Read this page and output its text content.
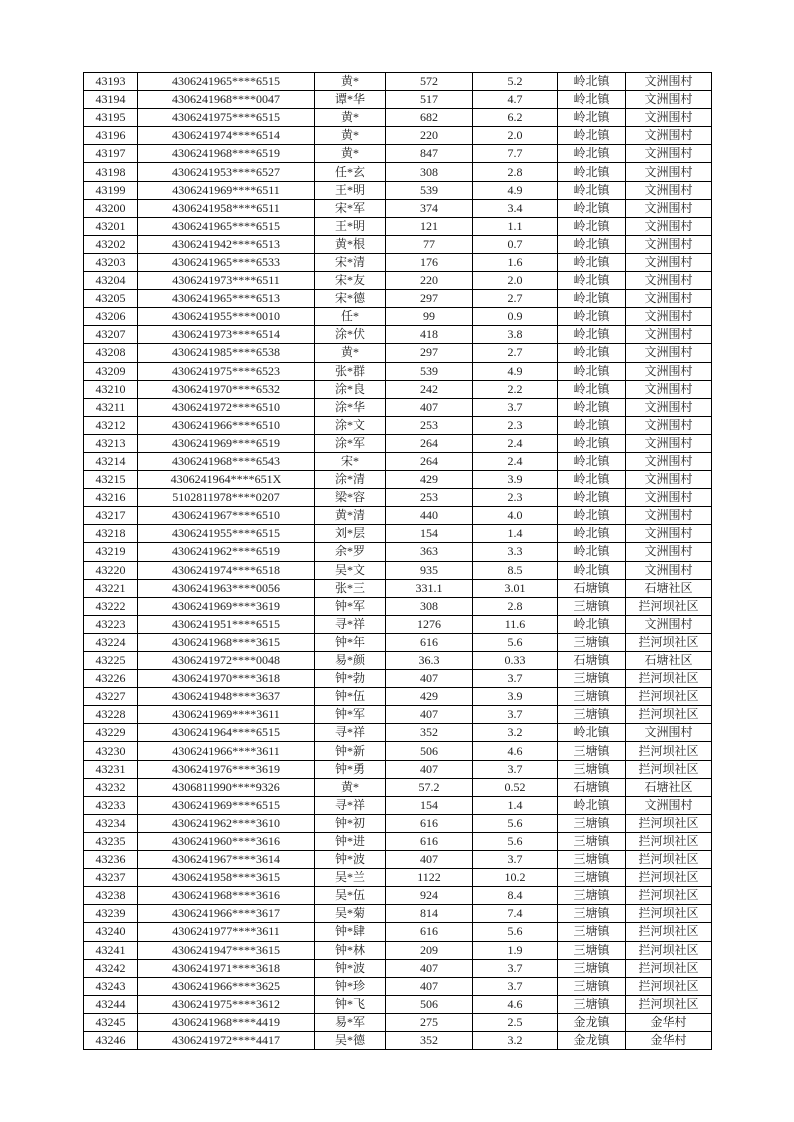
43193	4306241965****6515	黄*	572	5.2	岭北镇	文洲围村
43194	4306241968****0047	谭*华	517	4.7	岭北镇	文洲围村
43195	4306241975****6515	黄*	682	6.2	岭北镇	文洲围村
43196	4306241974****6514	黄*	220	2.0	岭北镇	文洲围村
43197	4306241968****6519	黄*	847	7.7	岭北镇	文洲围村
43198	4306241953****6527	任*玄	308	2.8	岭北镇	文洲围村
43199	4306241969****6511	王*明	539	4.9	岭北镇	文洲围村
43200	4306241958****6511	宋*军	374	3.4	岭北镇	文洲围村
43201	4306241965****6515	王*明	121	1.1	岭北镇	文洲围村
43202	4306241942****6513	黄*根	77	0.7	岭北镇	文洲围村
43203	4306241965****6533	宋*清	176	1.6	岭北镇	文洲围村
43204	4306241973****6511	宋*友	220	2.0	岭北镇	文洲围村
43205	4306241965****6513	宋*德	297	2.7	岭北镇	文洲围村
43206	4306241955****0010	任*	99	0.9	岭北镇	文洲围村
43207	4306241973****6514	涂*伏	418	3.8	岭北镇	文洲围村
43208	4306241985****6538	黄*	297	2.7	岭北镇	文洲围村
43209	4306241975****6523	张*群	539	4.9	岭北镇	文洲围村
43210	4306241970****6532	涂*良	242	2.2	岭北镇	文洲围村
43211	4306241972****6510	涂*华	407	3.7	岭北镇	文洲围村
43212	4306241966****6510	涂*文	253	2.3	岭北镇	文洲围村
43213	4306241969****6519	涂*军	264	2.4	岭北镇	文洲围村
43214	4306241968****6543	宋*	264	2.4	岭北镇	文洲围村
43215	4306241964****651X	涂*清	429	3.9	岭北镇	文洲围村
43216	5102811978****0207	梁*容	253	2.3	岭北镇	文洲围村
43217	4306241967****6510	黄*清	440	4.0	岭北镇	文洲围村
43218	4306241955****6515	刘*层	154	1.4	岭北镇	文洲围村
43219	4306241962****6519	余*罗	363	3.3	岭北镇	文洲围村
43220	4306241974****6518	吴*文	935	8.5	岭北镇	文洲围村
43221	4306241963****0056	张*三	331.1	3.01	石塘镇	石塘社区
43222	4306241969****3619	钟*军	308	2.8	三塘镇	拦河坝社区
43223	4306241951****6515	寻*祥	1276	11.6	岭北镇	文洲围村
43224	4306241968****3615	钟*年	616	5.6	三塘镇	拦河坝社区
43225	4306241972****0048	易*颜	36.3	0.33	石塘镇	石塘社区
43226	4306241970****3618	钟*勃	407	3.7	三塘镇	拦河坝社区
43227	4306241948****3637	钟*伍	429	3.9	三塘镇	拦河坝社区
43228	4306241969****3611	钟*军	407	3.7	三塘镇	拦河坝社区
43229	4306241964****6515	寻*祥	352	3.2	岭北镇	文洲围村
43230	4306241966****3611	钟*新	506	4.6	三塘镇	拦河坝社区
43231	4306241976****3619	钟*勇	407	3.7	三塘镇	拦河坝社区
43232	4306811990****9326	黄*	57.2	0.52	石塘镇	石塘社区
43233	4306241969****6515	寻*祥	154	1.4	岭北镇	文洲围村
43234	4306241962****3610	钟*初	616	5.6	三塘镇	拦河坝社区
43235	4306241960****3616	钟*进	616	5.6	三塘镇	拦河坝社区
43236	4306241967****3614	钟*波	407	3.7	三塘镇	拦河坝社区
43237	4306241958****3615	吴*兰	1122	10.2	三塘镇	拦河坝社区
43238	4306241968****3616	吴*伍	924	8.4	三塘镇	拦河坝社区
43239	4306241966****3617	吴*菊	814	7.4	三塘镇	拦河坝社区
43240	4306241977****3611	钟*肆	616	5.6	三塘镇	拦河坝社区
43241	4306241947****3615	钟*林	209	1.9	三塘镇	拦河坝社区
43242	4306241971****3618	钟*波	407	3.7	三塘镇	拦河坝社区
43243	4306241966****3625	钟*珍	407	3.7	三塘镇	拦河坝社区
43244	4306241975****3612	钟*飞	506	4.6	三塘镇	拦河坝社区
43245	4306241968****4419	易*军	275	2.5	金龙镇	金华村
43246	4306241972****4417	吴*德	352	3.2	金龙镇	金华村
